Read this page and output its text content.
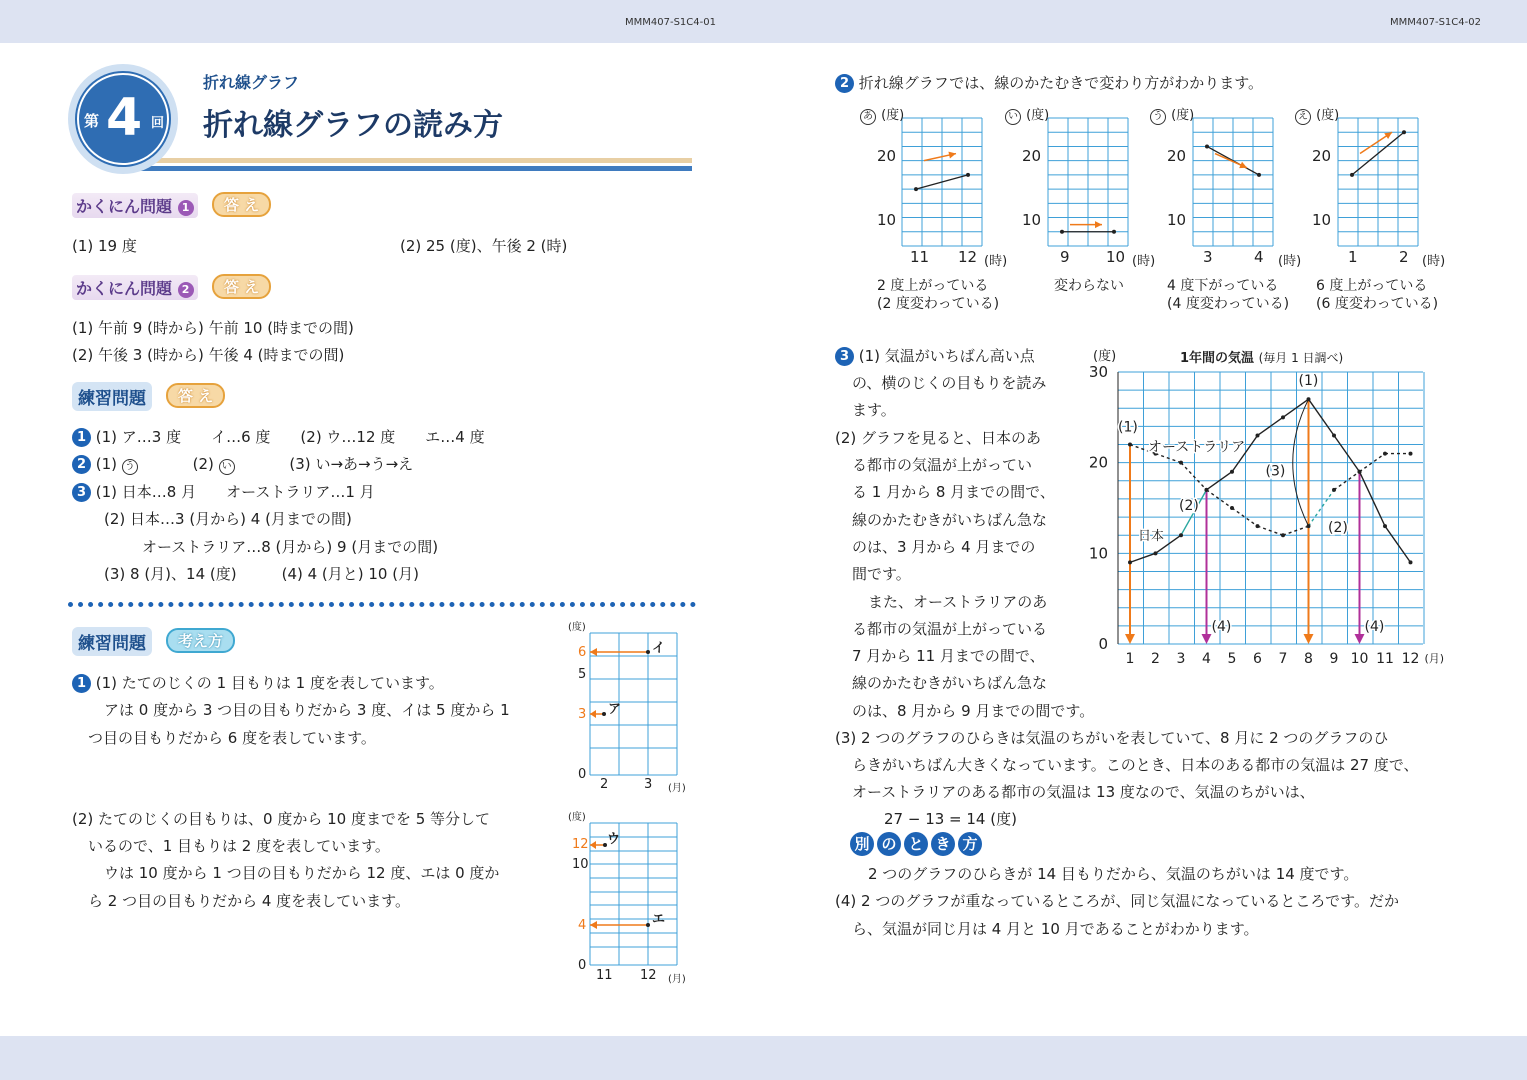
MMM407-S1C4-01	MMM407-S1C4-02
第 4 回
折れ線グラフ
折れ線グラフの読み方
かくにん問題 1	答 え
(1) 19 度	(2) 25 (度)、午後 2 (時)
かくにん問題 2	答 え
(1) 午前 9 (時から) 午前 10 (時までの間)
(2) 午後 3 (時から) 午後 4 (時までの間)
練習問題	答 え
1 (1) ア…3 度　　イ…6 度　　(2) ウ…12 度　　エ…4 度
2 (1) う	(2) い	(3) い→あ→う→え
3 (1) 日本…8 月　　オーストラリア…1 月
(2) 日本…3 (月から) 4 (月までの間)
オーストラリア…8 (月から) 9 (月までの間)
(3) 8 (月)、14 (度)　　　(4) 4 (月と) 10 (月)
練習問題	考え方
1 (1) たてのじくの 1 目もりは 1 度を表しています。
アは 0 度から 3 つ目の目もりだから 3 度、イは 5 度から 1
つ目の目もりだから 6 度を表しています。
(2) たてのじくの目もりは、0 度から 10 度までを 5 等分して
いるので、1 目もりは 2 度を表しています。
ウは 10 度から 1 つ目の目もりだから 12 度、エは 0 度か
ら 2 つ目の目もりだから 4 度を表しています。
(度)
6
5
3
0
2	3 (月)
イ
ア
(度)
12
10
4
0
11 12 (月)
ウ
エ
2 折れ線グラフでは、線のかたむきで変わり方がわかります。
あ (度)	い (度)	う (度)	え (度)
20
10
11 12 (時)
2 度上がっている
(2 度変わっている)
20
10
9 10 (時)
変わらない
20
10
3	4 (時)
4 度下がっている
(4 度変わっている)
20
10
1	2 (時)
6 度上がっている
(6 度変わっている)
3 (1) 気温がいちばん高い点
の、横のじくの目もりを読み
ます。
(2) グラフを見ると、日本のあ
る都市の気温が上がってい
る 1 月から 8 月までの間で、
線のかたむきがいちばん急な
のは、3 月から 4 月までの
間です。
また、オーストラリアのあ
る都市の気温が上がっている
7 月から 11 月までの間で、
線のかたむきがいちばん急な
のは、8 月から 9 月までの間です。
(3) 2 つのグラフのひらきは気温のちがいを表していて、8 月に 2 つのグラフのひ
らきがいちばん大きくなっています。このとき、日本のある都市の気温は 27 度で、
オーストラリアのある都市の気温は 13 度なので、気温のちがいは、
27 − 13 = 14 (度)
別 の と き 方
2 つのグラフのひらきが 14 目もりだから、気温のちがいは 14 度です。
(4) 2 つのグラフが重なっているところが、同じ気温になっているところです。だか
ら、気温が同じ月は 4 月と 10 月であることがわかります。
(度)	1年間の気温 (毎月 1 日調べ)
0
10
20
30
1 2 3 4 5 6 7 8 9 10 11 12 (月)
オーストラリア
日本
(1)
(1)
(2)
(2)
(3)
(4)	(4)
